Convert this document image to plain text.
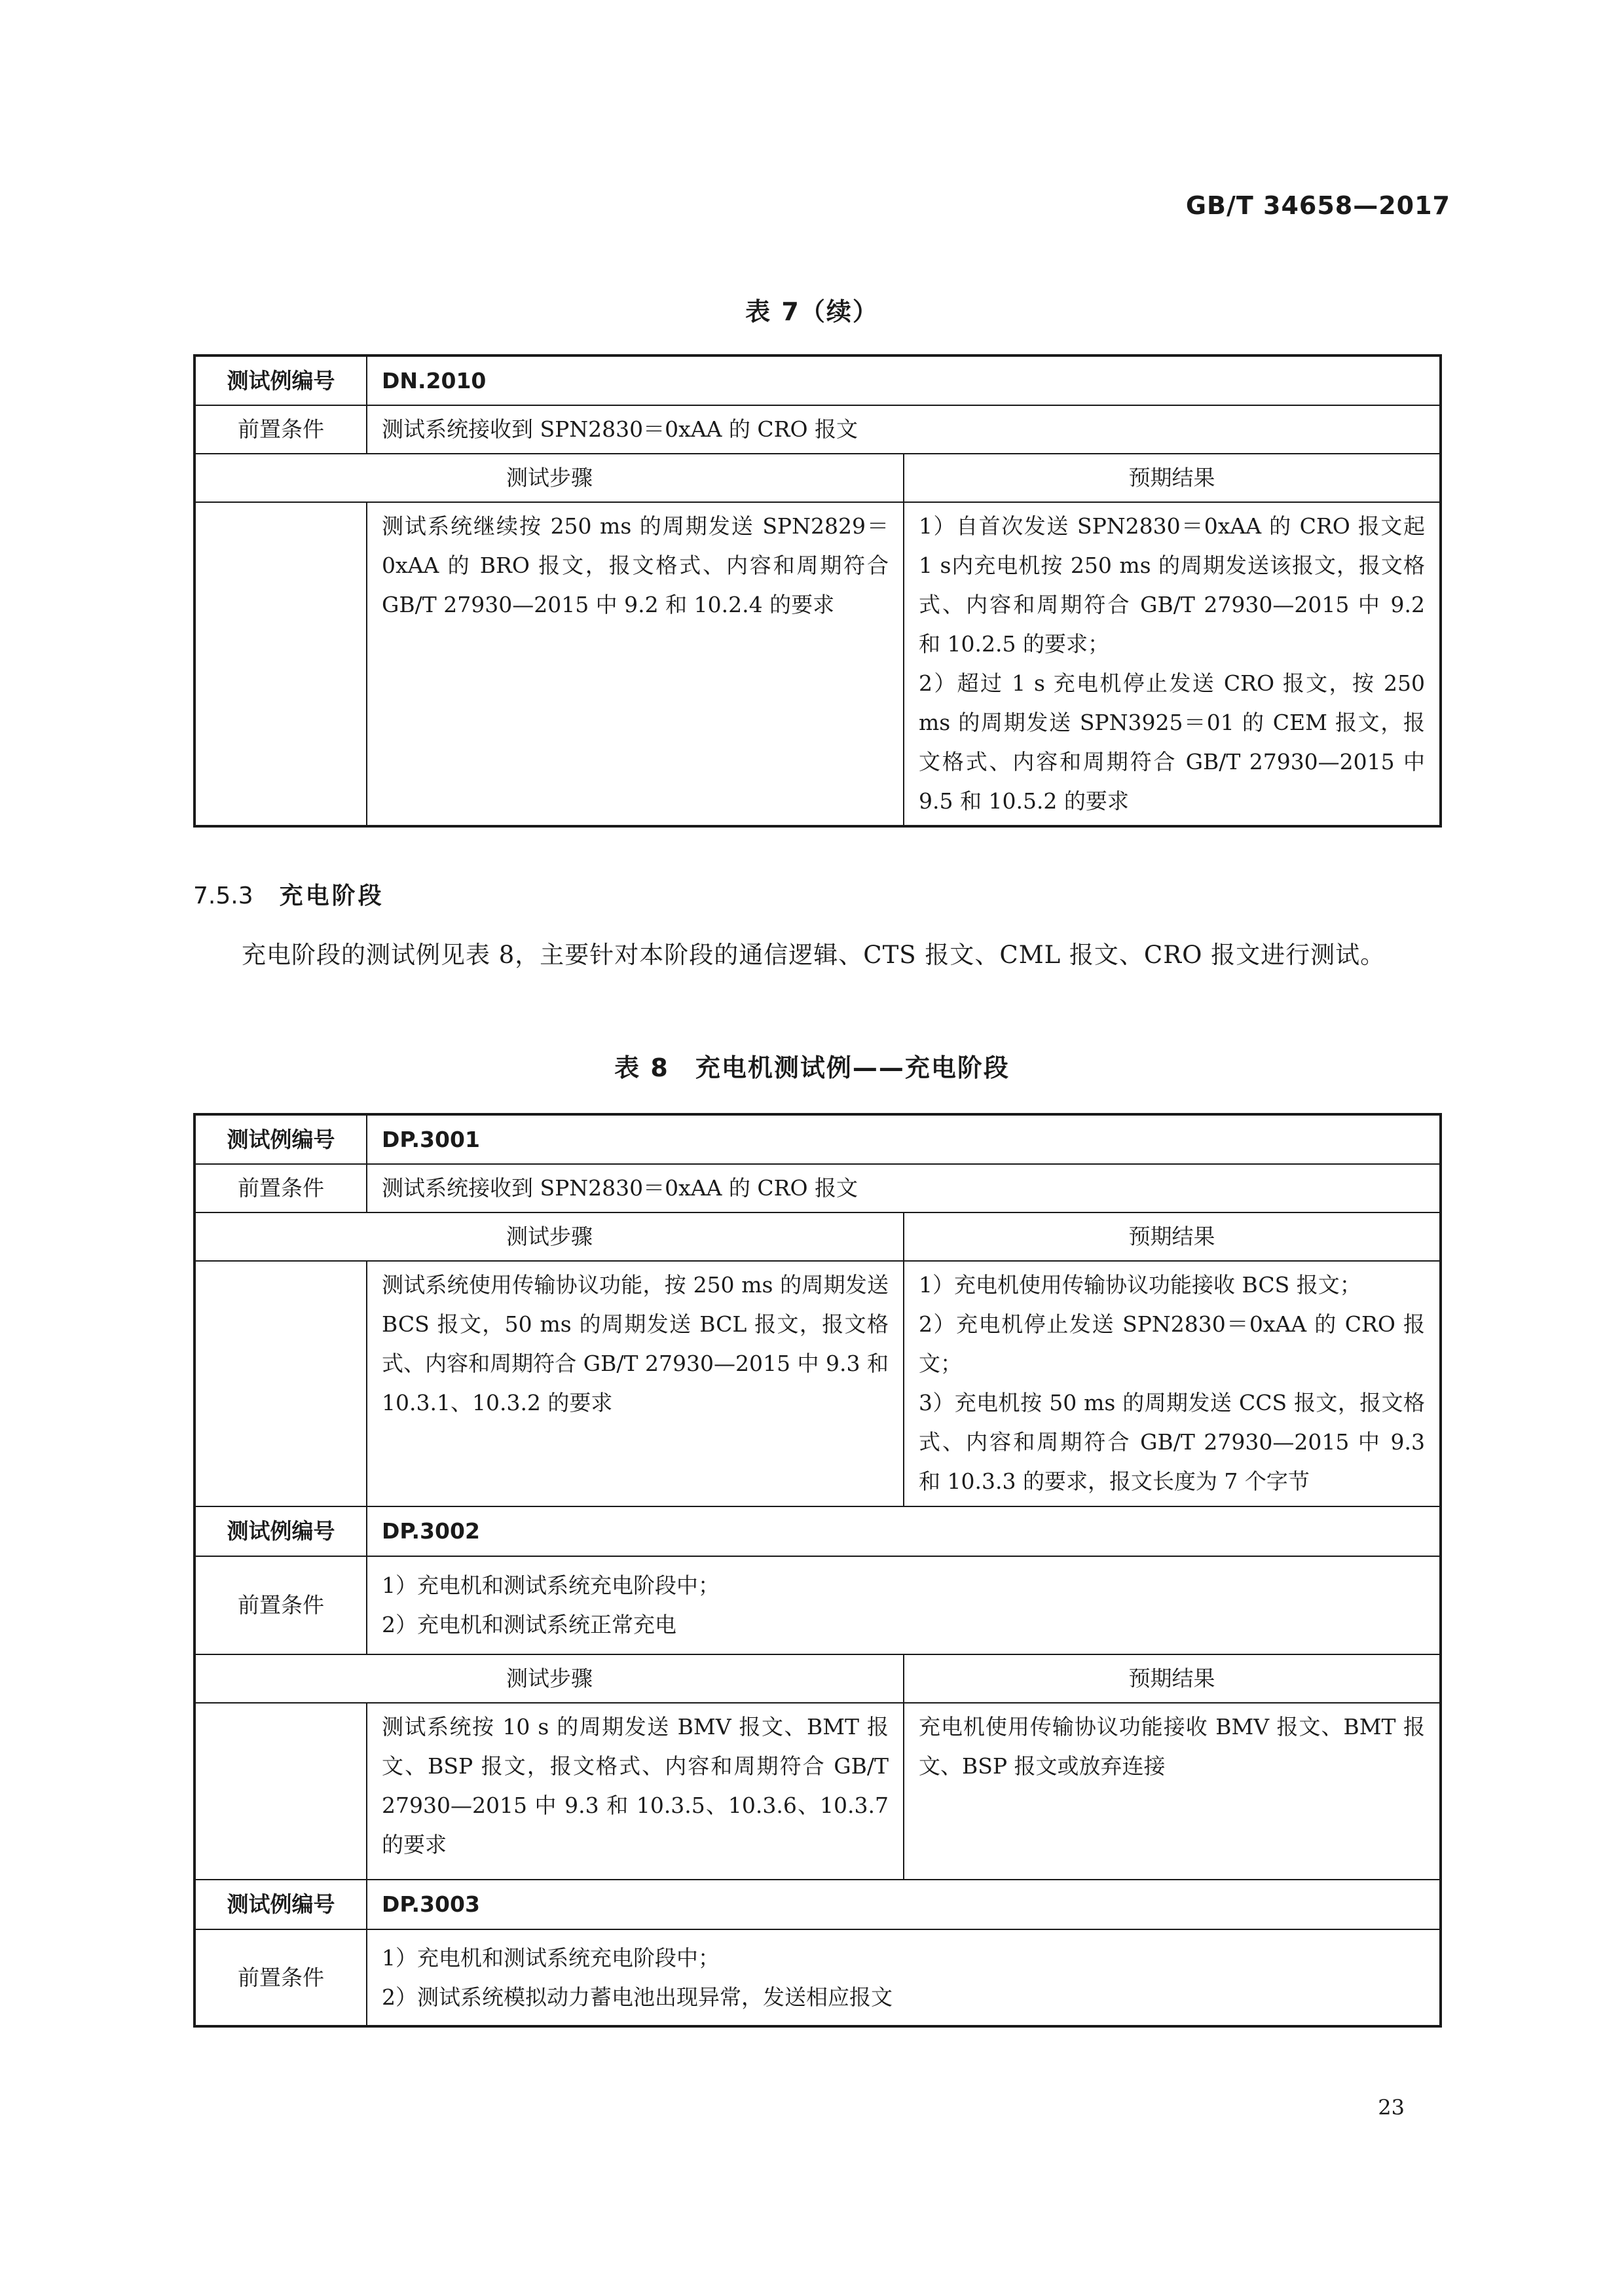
GB/T 34658—2017
表 7（续）
测试例编号	DN.2010	
前置条件	测试系统接收到 SPN2830＝0xAA 的 CRO 报文	
测试步骤		预期结果
	测试系统继续按 250 ms 的周期发送 SPN2829＝0xAA 的 BRO 报文，报文格式、内容和周期符合 GB/T 27930—2015 中 9.2 和 10.2.4 的要求	1）自首次发送 SPN2830＝0xAA 的 CRO 报文起 1 s内充电机按 250 ms 的周期发送该报文，报文格式、内容和周期符合 GB/T 27930—2015 中 9.2 和 10.2.5 的要求；
2）超过 1 s 充电机停止发送 CRO 报文，按 250 ms 的周期发送 SPN3925＝01 的 CEM 报文，报文格式、内容和周期符合 GB/T 27930—2015 中 9.5 和 10.5.2 的要求
7.5.3 充电阶段
充电阶段的测试例见表 8，主要针对本阶段的通信逻辑、CTS 报文、CML 报文、CRO 报文进行测试。
表 8　充电机测试例——充电阶段
测试例编号	DP.3001	
前置条件	测试系统接收到 SPN2830＝0xAA 的 CRO 报文	
测试步骤		预期结果
	测试系统使用传输协议功能，按 250 ms 的周期发送 BCS 报文，50 ms 的周期发送 BCL 报文，报文格式、内容和周期符合 GB/T 27930—2015 中 9.3 和 10.3.1、10.3.2 的要求	1）充电机使用传输协议功能接收 BCS 报文；
2）充电机停止发送 SPN2830＝0xAA 的 CRO 报文；
3）充电机按 50 ms 的周期发送 CCS 报文，报文格式、内容和周期符合 GB/T 27930—2015 中 9.3 和 10.3.3 的要求，报文长度为 7 个字节

测试例编号	DP.3002	
前置条件	1）充电机和测试系统充电阶段中；
2）充电机和测试系统正常充电	

测试步骤		预期结果
	测试系统按 10 s 的周期发送 BMV 报文、BMT 报文、BSP 报文，报文格式、内容和周期符合 GB/T 27930—2015 中 9.3 和 10.3.5、10.3.6、10.3.7 的要求	充电机使用传输协议功能接收 BMV 报文、BMT 报文、BSP 报文或放弃连接
测试例编号	DP.3003	
前置条件	1）充电机和测试系统充电阶段中；
2）测试系统模拟动力蓄电池出现异常，发送相应报文	
23
